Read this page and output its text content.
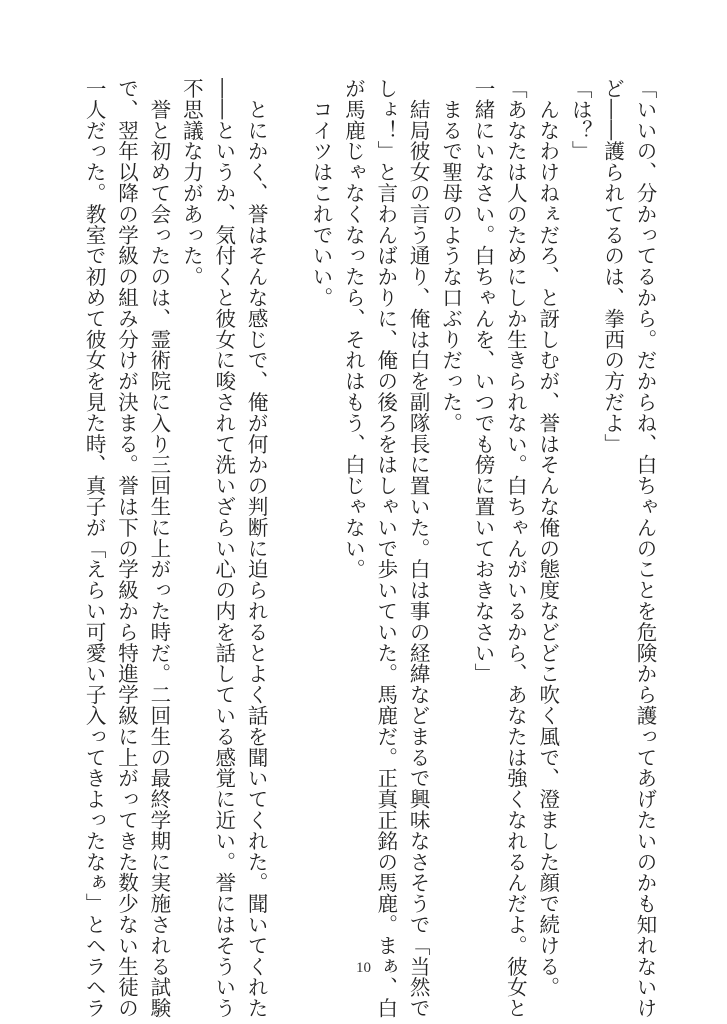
「いいの、分かってるから。だからね、白ちゃんのことを危険から護ってあげたいのかも知れないけ
ど――護られてるのは、拳西の方だよ」
「は？」
　んなわけねぇだろ、と訝しむが、誉はそんな俺の態度などどこ吹く風で、澄ました顔で続ける。
「あなたは人のためにしか生きられない。白ちゃんがいるから、あなたは強くなれるんだよ。彼女と
一緒にいなさい。白ちゃんを、いつでも傍に置いておきなさい」
　まるで聖母のような口ぶりだった。
　結局彼女の言う通り、俺は白を副隊長に置いた。白は事の経緯などまるで興味なさそうで「当然で
しょ！」と言わんばかりに、俺の後ろをはしゃいで歩いていた。馬鹿だ。正真正銘の馬鹿。まぁ、白
が馬鹿じゃなくなったら、それはもう、白じゃない。
　コイツはこれでいい。
　とにかく、誉はそんな感じで、俺が何かの判断に迫られるとよく話を聞いてくれた。聞いてくれた
――というか、気付くと彼女に唆されて洗いざらい心の内を話している感覚に近い。誉にはそういう
不思議な力があった。
　誉と初めて会ったのは、霊術院に入り三回生に上がった時だ。二回生の最終学期に実施される試験
で、翌年以降の学級の組み分けが決まる。誉は下の学級から特進学級に上がってきた数少ない生徒の
一人だった。教室で初めて彼女を見た時、真子が「えらい可愛い子入ってきよったなぁ」とヘラヘラ	10
